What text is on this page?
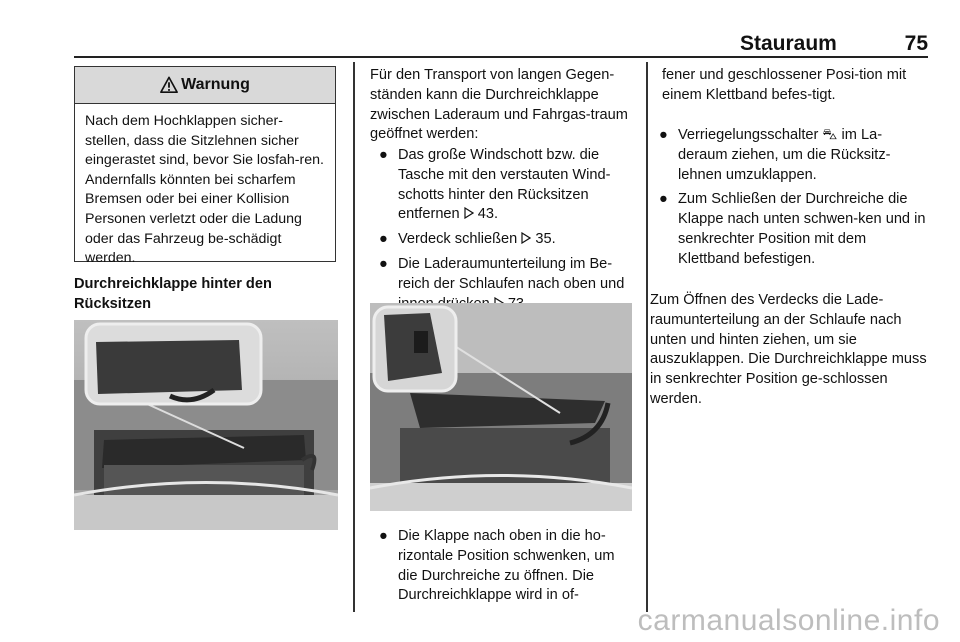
Stauraum	75
Warnung
Nach dem Hochklappen sicher-stellen, dass die Sitzlehnen sicher eingerastet sind, bevor Sie losfah-ren. Andernfalls könnten bei scharfem Bremsen oder bei einer Kollision Personen verletzt oder die Ladung oder das Fahrzeug be-schädigt werden.
Durchreichklappe hinter den Rücksitzen
Für den Transport von langen Gegen-ständen kann die Durchreichklappe zwischen Laderaum und Fahrgas-traum geöffnet werden:
● Das große Windschott bzw. die Tasche mit den verstauten Wind-schotts hinter den Rücksitzen entfernen 43.
● Verdeck schließen 35.
● Die Laderaumunterteilung im Be-reich der Schlaufen nach oben und
● Die Klappe nach oben in die ho-rizontale Position schwenken, um die Durchreiche zu öffnen. Die Durchreichklappe wird in of-
fener und geschlossener Posi-tion mit einem Klettband befes-tigt.
● Verriegelungsschalter ⛍ im La-deraum ziehen, um die Rücksitz-lehnen umzuklappen.
● Zum Schließen der Durchreiche die Klappe nach unten schwen-ken und in senkrechter Position mit dem Klettband befestigen.
Zum Öffnen des Verdecks die Lade-raumunterteilung an der Schlaufe nach unten und hinten ziehen, um sie auszuklappen. Die Durchreichklappe muss in senkrechter Position ge-schlossen werden.
carmanualsonline.info
